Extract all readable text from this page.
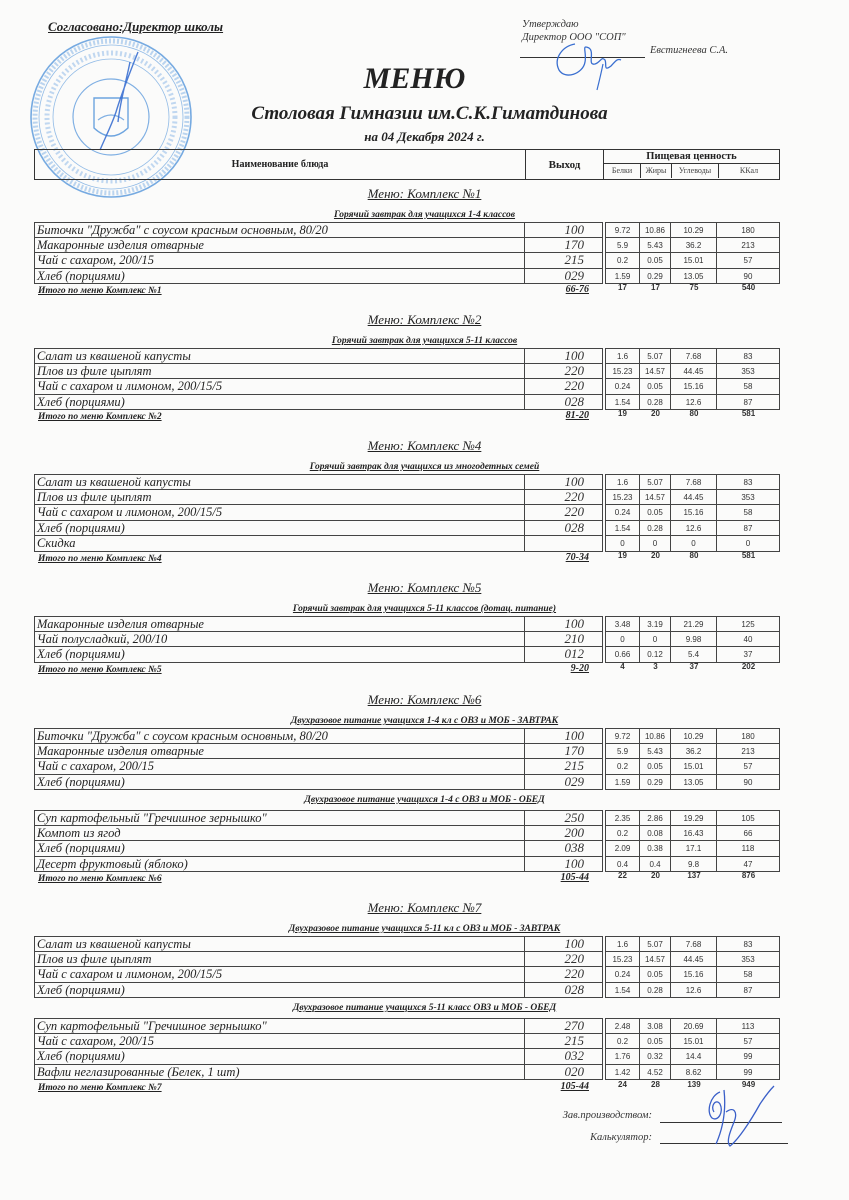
Согласовано:Директор школы	Утверждаю
Директор ООО "СОП"
Евстигнеева С.А.
МЕНЮ
Столовая Гимназии им.С.К.Гиматдинова
на 04 Декабря 2024 г.
Наименование блюда	Выход
Пищевая ценность
Белки	Жиры	Углеводы	ККал
Меню: Комплекс №1
Горячий завтрак для учащихся 1-4 классов
Биточки "Дружба" с соусом красным основным, 80/20	100	9.72	10.86	10.29	180
Макаронные изделия отварные	170	5.9	5.43	36.2	213
Чай с сахаром, 200/15	215	0.2	0.05	15.01	57
Хлеб (порциями)	029	1.59	0.29	13.05	90
Итого по меню Комплекс №1	66-76	17	17	75	540
Меню: Комплекс №2
Горячий завтрак для учащихся 5-11 классов
Салат из квашеной капусты	100	1.6	5.07	7.68	83
Плов из филе цыплят	220	15.23	14.57	44.45	353
Чай с сахаром и лимоном, 200/15/5	220	0.24	0.05	15.16	58
Хлеб (порциями)	028	1.54	0.28	12.6	87
Итого по меню Комплекс №2	81-20	19	20	80	581
Меню: Комплекс №4
Горячий завтрак для учащихся из многодетных семей
Салат из квашеной капусты	100	1.6	5.07	7.68	83
Плов из филе цыплят	220	15.23	14.57	44.45	353
Чай с сахаром и лимоном, 200/15/5	220	0.24	0.05	15.16	58
Хлеб (порциями)	028	1.54	0.28	12.6	87
Скидка	0	0	0	0
Итого по меню Комплекс №4	70-34	19	20	80	581
Меню: Комплекс №5
Горячий завтрак для учащихся 5-11 классов (дотац. питание)
Макаронные изделия отварные	100	3.48	3.19	21.29	125
Чай полусладкий, 200/10	210	0	0	9.98	40
Хлеб (порциями)	012	0.66	0.12	5.4	37
Итого по меню Комплекс №5	9-20	4	3	37	202
Меню: Комплекс №6
Двухразовое питание учащихся 1-4 кл с ОВЗ и МОБ - ЗАВТРАК
Биточки "Дружба" с соусом красным основным, 80/20	100	9.72	10.86	10.29	180
Макаронные изделия отварные	170	5.9	5.43	36.2	213
Чай с сахаром, 200/15	215	0.2	0.05	15.01	57
Хлеб (порциями)	029	1.59	0.29	13.05	90
Двухразовое питание учащихся 1-4 с ОВЗ и МОБ - ОБЕД
Суп картофельный "Гречишное зернышко"	250	2.35	2.86	19.29	105
Компот из ягод	200	0.2	0.08	16.43	66
Хлеб (порциями)	038	2.09	0.38	17.1	118
Десерт фруктовый (яблоко)	100	0.4	0.4	9.8	47
Итого по меню Комплекс №6	105-44	22	20	137	876
Меню: Комплекс №7
Двухразовое питание учащихся 5-11 кл с ОВЗ и МОБ - ЗАВТРАК
Салат из квашеной капусты	100	1.6	5.07	7.68	83
Плов из филе цыплят	220	15.23	14.57	44.45	353
Чай с сахаром и лимоном, 200/15/5	220	0.24	0.05	15.16	58
Хлеб (порциями)	028	1.54	0.28	12.6	87
Двухразовое питание учащихся 5-11 класс ОВЗ и МОБ - ОБЕД
Суп картофельный "Гречишное зернышко"	270	2.48	3.08	20.69	113
Чай с сахаром, 200/15	215	0.2	0.05	15.01	57
Хлеб (порциями)	032	1.76	0.32	14.4	99
Вафли неглазированные (Белек, 1 шт)	020	1.42	4.52	8.62	99
Итого по меню Комплекс №7	105-44	24	28	139	949
Зав.производством:
Калькулятор:
